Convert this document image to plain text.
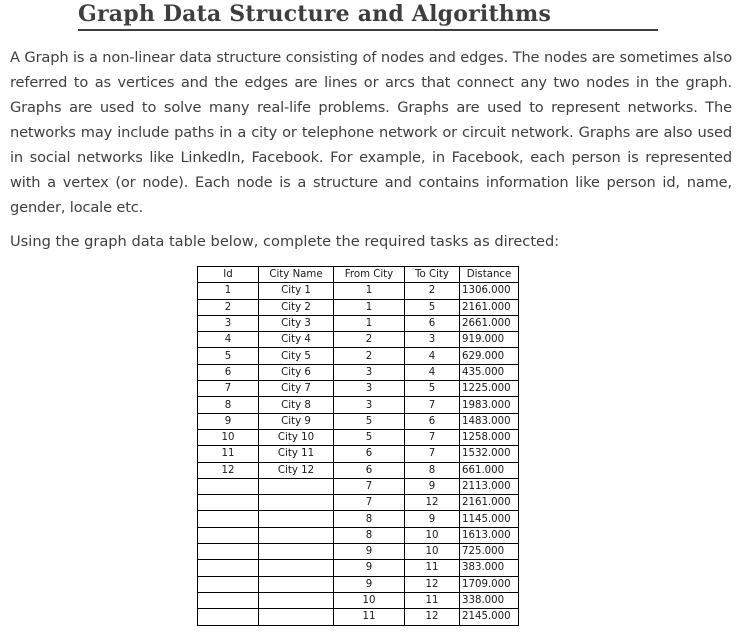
Graph Data Structure and Algorithms

A Graph is a non-linear data structure consisting of nodes and edges. The nodes are sometimes also referred to as vertices and the edges are lines or arcs that connect any two nodes in the graph. Graphs are used to solve many real-life problems. Graphs are used to represent networks. The networks may include paths in a city or telephone network or circuit network. Graphs are also used in social networks like LinkedIn, Facebook. For example, in Facebook, each person is represented with a vertex (or node). Each node is a structure and contains information like person id, name, gender, locale etc.

Using the graph data table below, complete the required tasks as directed:

Id	City Name	From City	To City	Distance
1	City 1	1	2	1306.000
2	City 2	1	5	2161.000
3	City 3	1	6	2661.000
4	City 4	2	3	919.000
5	City 5	2	4	629.000
6	City 6	3	4	435.000
7	City 7	3	5	1225.000
8	City 8	3	7	1983.000
9	City 9	5	6	1483.000
10	City 10	5	7	1258.000
11	City 11	6	7	1532.000
12	City 12	6	8	661.000
		7	9	2113.000
		7	12	2161.000
		8	9	1145.000
		8	10	1613.000
		9	10	725.000
		9	11	383.000
		9	12	1709.000
		10	11	338.000
		11	12	2145.000
